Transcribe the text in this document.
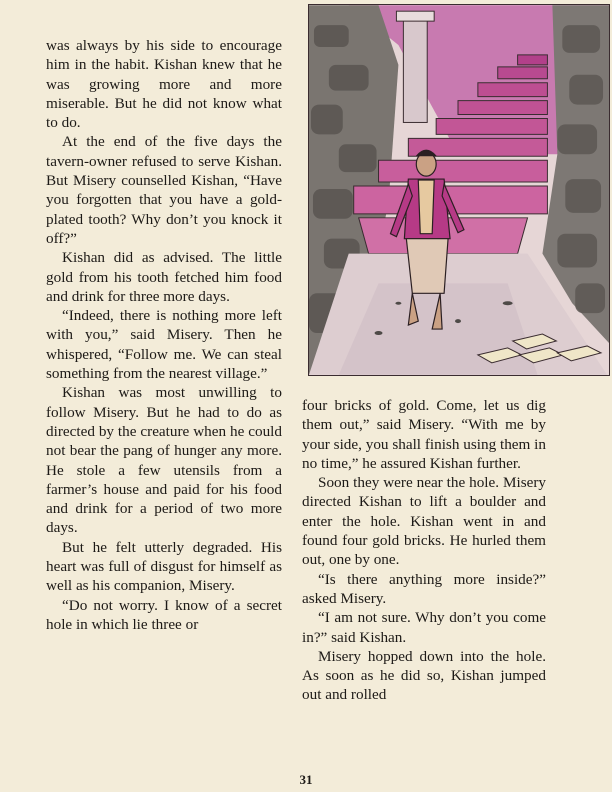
was always by his side to encourage him in the habit. Kishan knew that he was growing more and more miserable. But he did not know what to do.

At the end of the five days the tavern-owner refused to serve Kishan. But Misery counselled Kishan, “Have you forgotten that you have a gold-plated tooth? Why don’t you knock it off?”

Kishan did as advised. The little gold from his tooth fetched him food and drink for three more days.

“Indeed, there is nothing more left with you,” said Misery. Then he whispered, “Follow me. We can steal something from the nearest village.”

Kishan was most unwilling to follow Misery. But he had to do as directed by the creature when he could not bear the pang of hunger any more. He stole a few utensils from a farmer’s house and paid for his food and drink for a period of two more days.

But he felt utterly degraded. His heart was full of disgust for himself as well as his companion, Misery.

“Do not worry. I know of a secret hole in which lie three or

four bricks of gold. Come, let us dig them out,” said Misery. “With me by your side, you shall finish using them in no time,” he assured Kishan further.

Soon they were near the hole. Misery directed Kishan to lift a boulder and enter the hole. Kishan went in and found four gold bricks. He hurled them out, one by one.

“Is there anything more inside?” asked Misery.

“I am not sure. Why don’t you come in?” said Kishan.

Misery hopped down into the hole. As soon as he did so, Kishan jumped out and rolled

31
